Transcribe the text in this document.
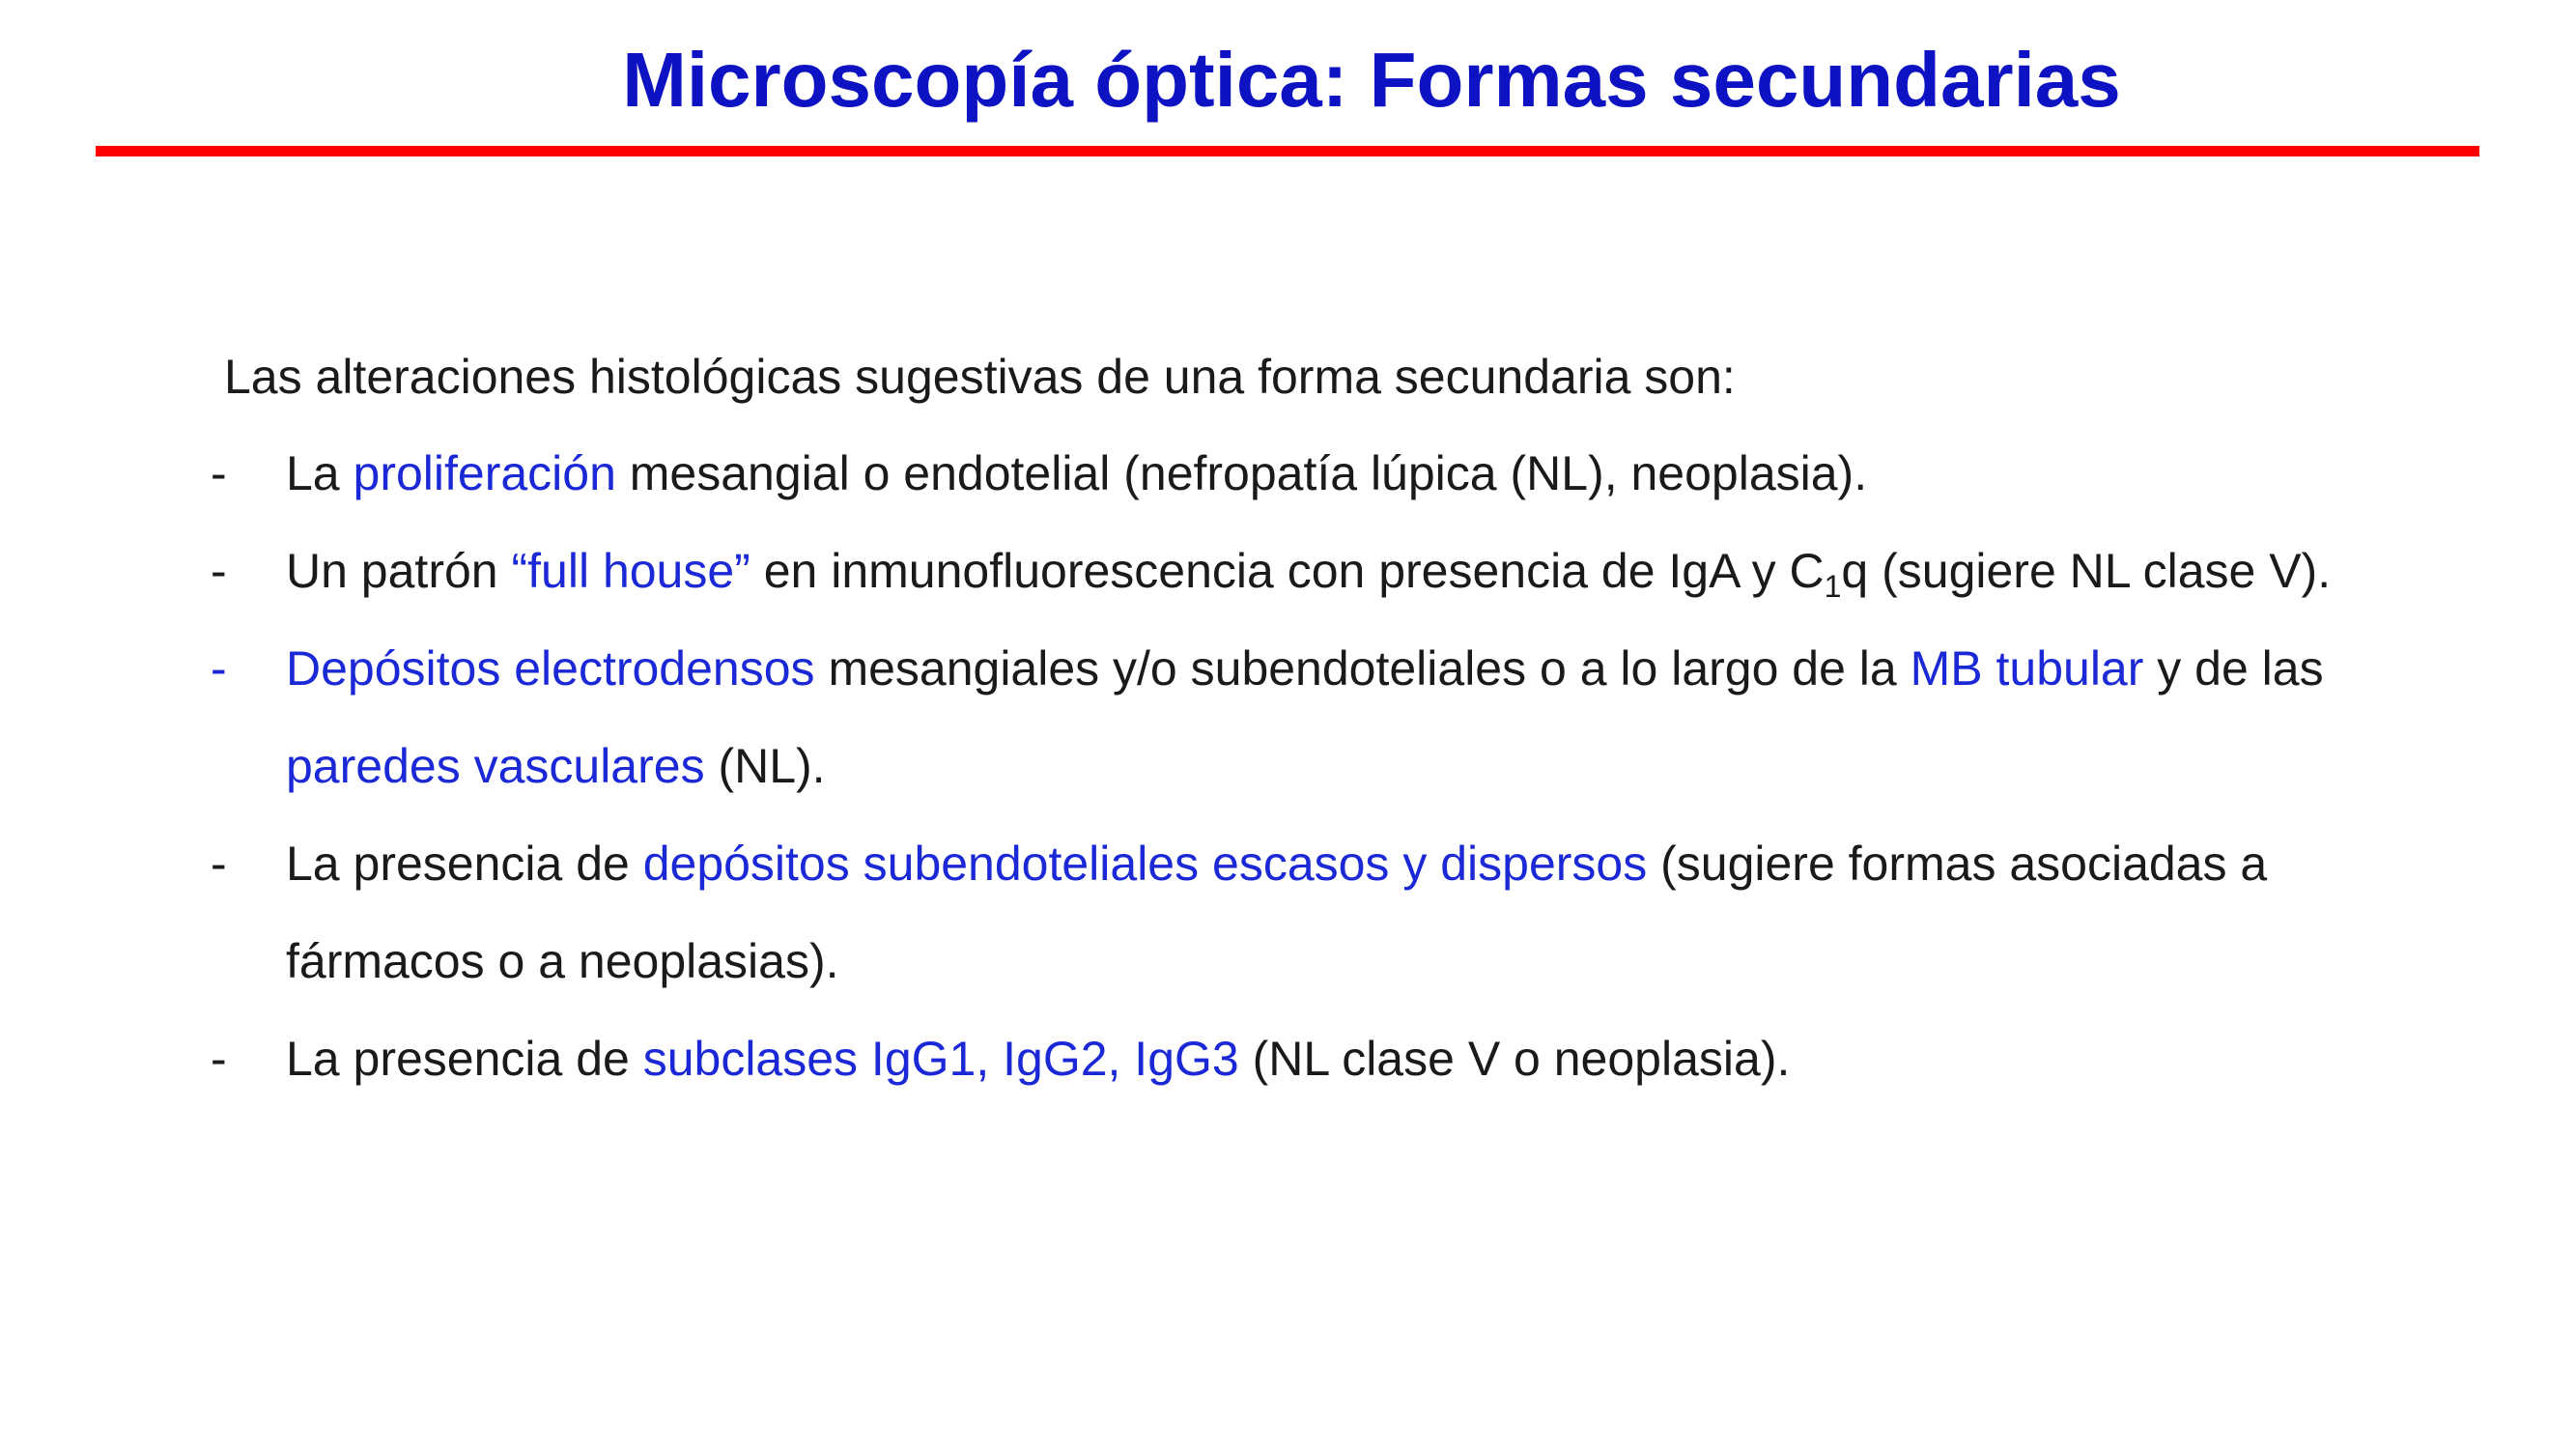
Microscopía óptica: Formas secundarias
Las alteraciones histológicas sugestivas de una forma secundaria son:
- La proliferación mesangial o endotelial (nefropatía lúpica (NL), neoplasia).
- Un patrón “full house” en inmunofluorescencia con presencia de IgA y $C_1q$ (sugiere NL clase V).
- Depósitos electrodensos mesangiales y/o subendoteliales o a lo largo de la MB tubular y de las
paredes vasculares (NL).
- La presencia de depósitos subendoteliales escasos y dispersos (sugiere formas asociadas a
fármacos o a neoplasias).
- La presencia de subclases IgG1, IgG2, IgG3 (NL clase V o neoplasia).
